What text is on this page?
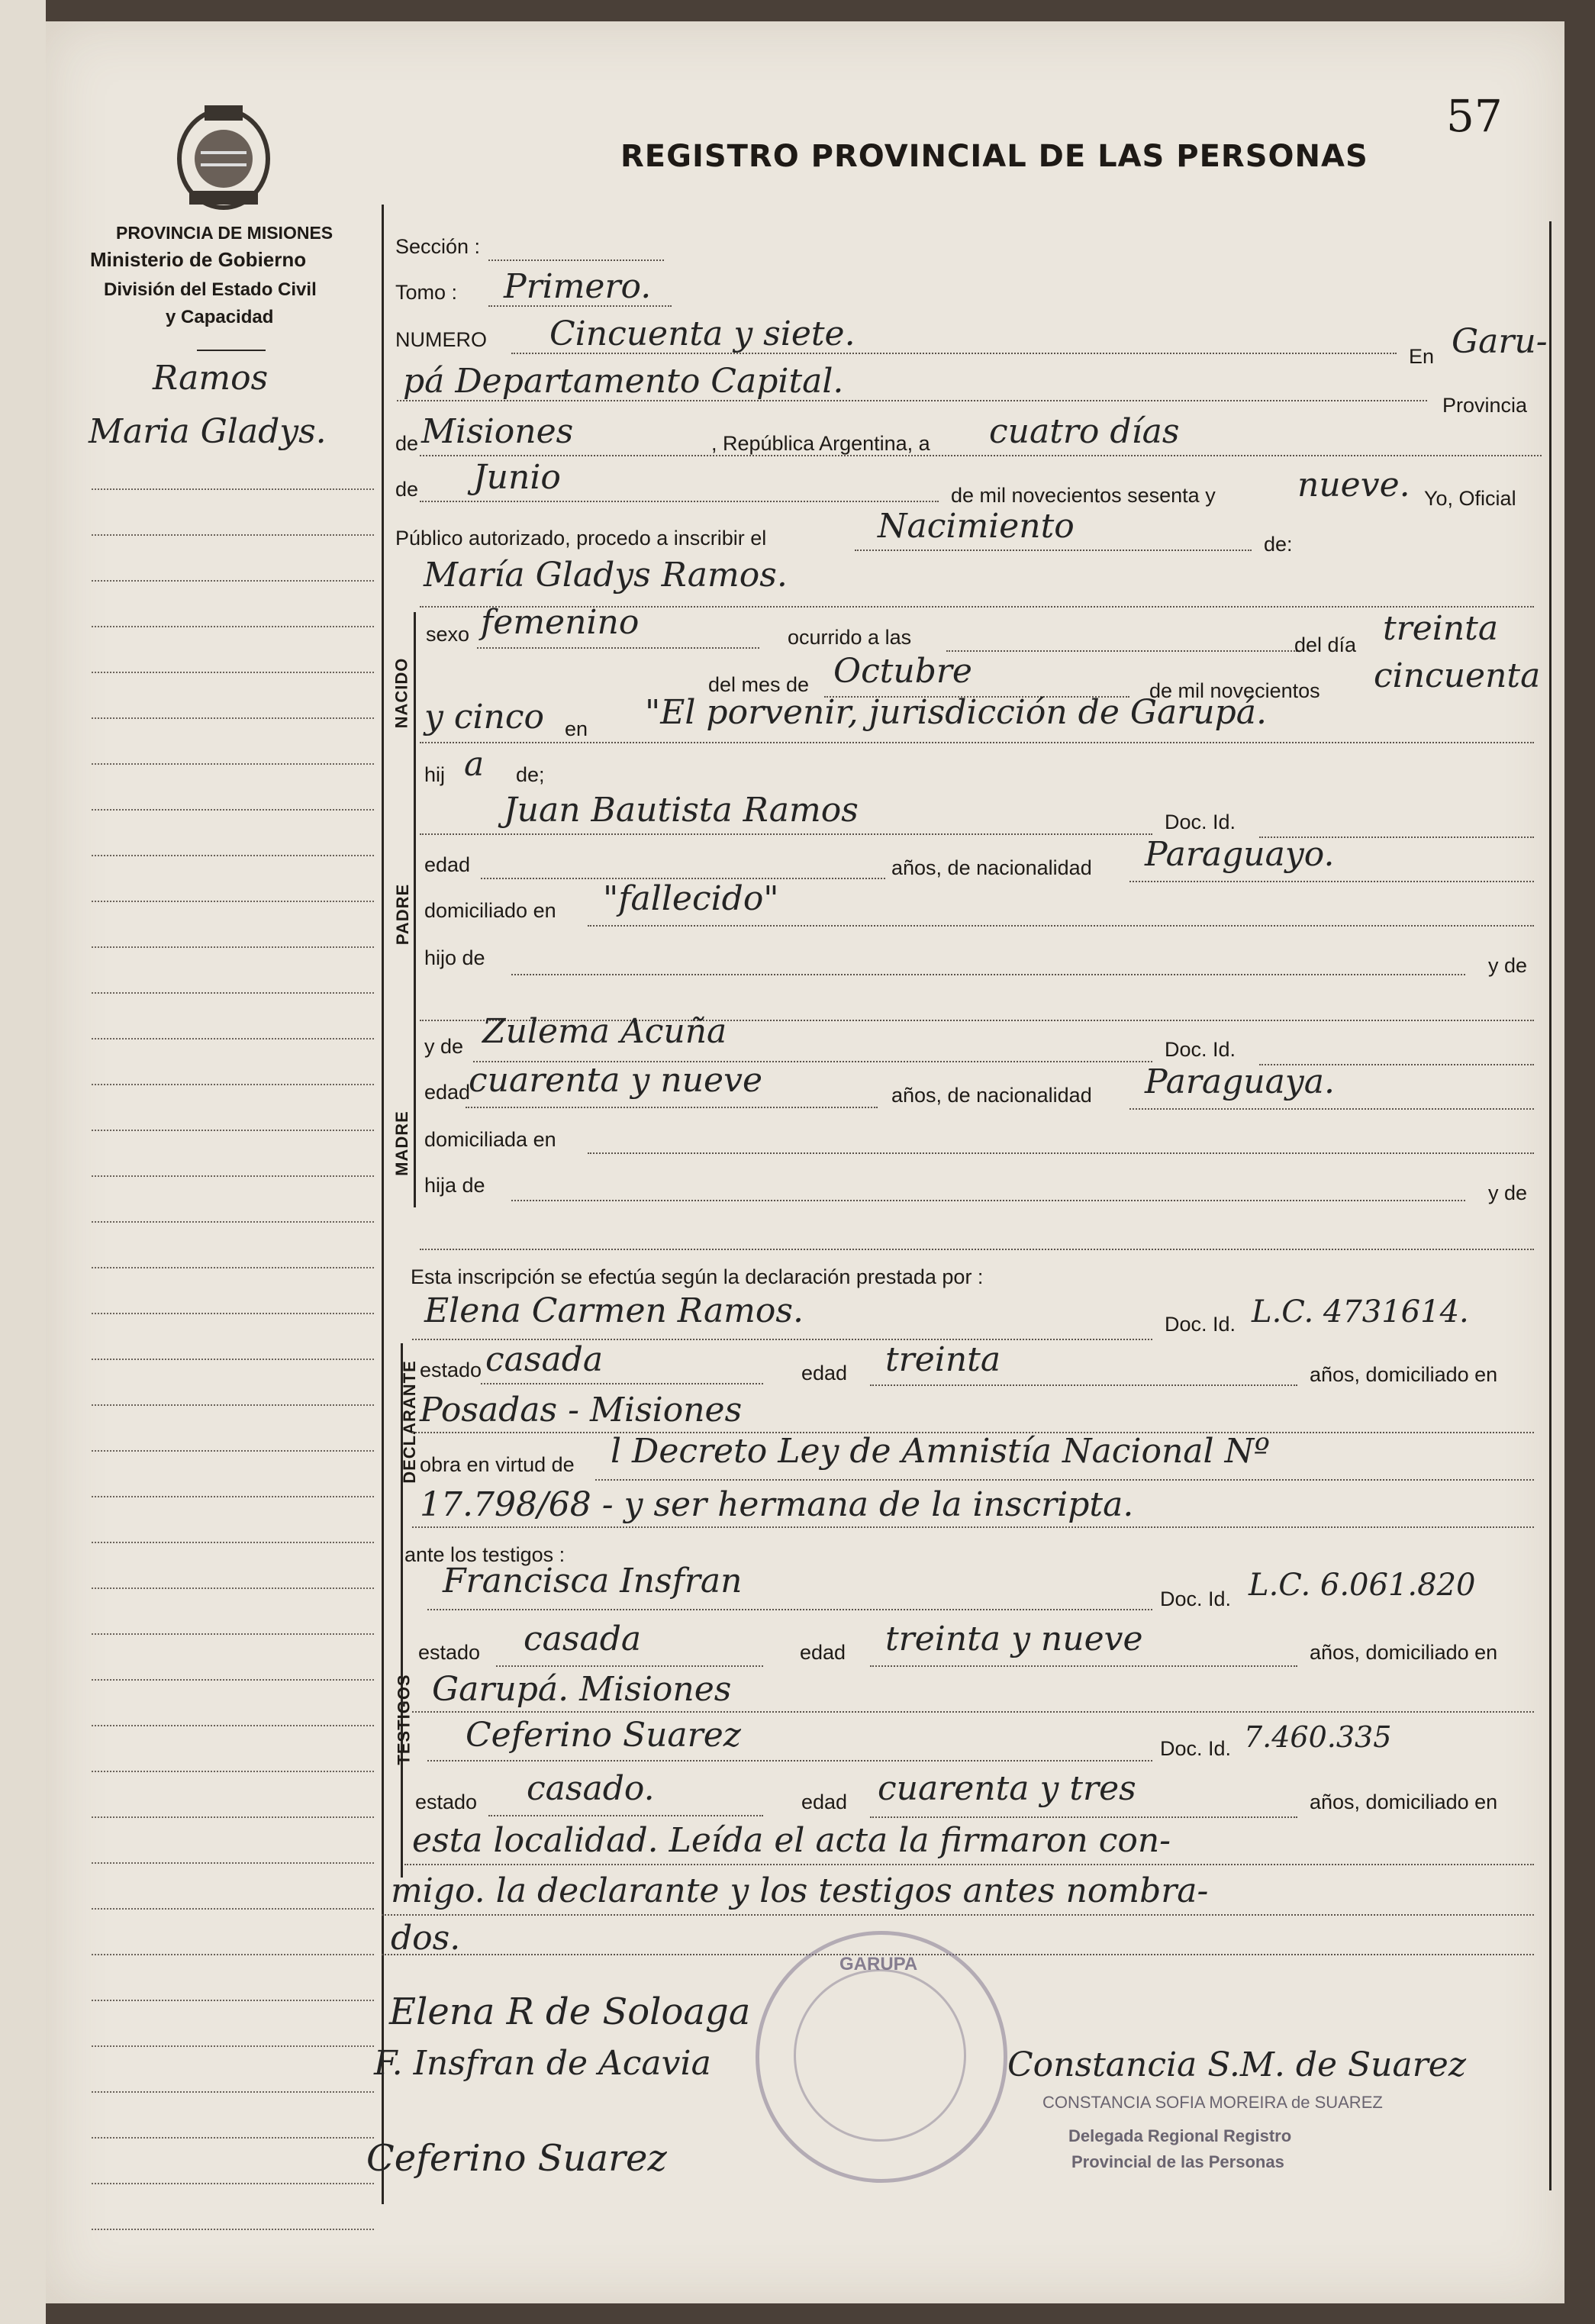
57
REGISTRO PROVINCIAL DE LAS PERSONAS
PROVINCIA DE MISIONES
Ministerio de Gobierno
División del Estado Civil
y Capacidad
Ramos
Maria Gladys.
Sección :
Tomo : Primero.
NUMERO Cincuenta y siete.
En Garu-
pá Departamento Capital.
Provincia
de Misiones	, República Argentina, a cuatro días
de Junio	de mil novecientos sesenta y nueve. Yo, Oficial
Público autorizado, procedo a inscribir el	Nacimiento	de:
María Gladys Ramos.
NACIDO
sexo femenino	ocurrido a las	del día treinta
del mes de Octubre	de mil novecientos cincuenta
y cinco en "El porvenir, jurisdicción de Garupá.
hij a de;
Juan Bautista Ramos	Doc. Id.
PADRE
edad	años, de nacionalidad Paraguayo.
domiciliado en "fallecido"
hijo de	y de
y de Zulema Acuña	Doc. Id.
MADRE
edad
cuarenta y nueve	años, de nacionalidad Paraguaya.
domiciliada en
hija de	y de
Esta inscripción se efectúa según la declaración prestada por :
Elena Carmen Ramos.	Doc. Id. L.C. 4731614.
DECLARANTE estado casada	edad treinta	años, domiciliado en
Posadas - Misiones
obra en virtud de l Decreto Ley de Amnistía Nacional Nº
17.798/68 - y ser hermana de la inscripta.
ante los testigos :
Francisca Insfran	Doc. Id. L.C. 6.061.820
TESTIGOS
estado casada	edad treinta y nueve	años, domiciliado en
Garupá. Misiones
Ceferino Suarez	Doc. Id. 7.460.335
estado casado.	edad cuarenta y tres	años, domiciliado en
esta localidad. Leída el acta la firmaron con-
migo. la declarante y los testigos antes nombra-
dos.
GARUPA
Elena R de Soloaga
F. Insfran de Acavia
Ceferino Suarez
Constancia S.M. de Suarez
CONSTANCIA SOFIA MOREIRA de SUAREZ
Delegada Regional Registro
Provincial de las Personas
